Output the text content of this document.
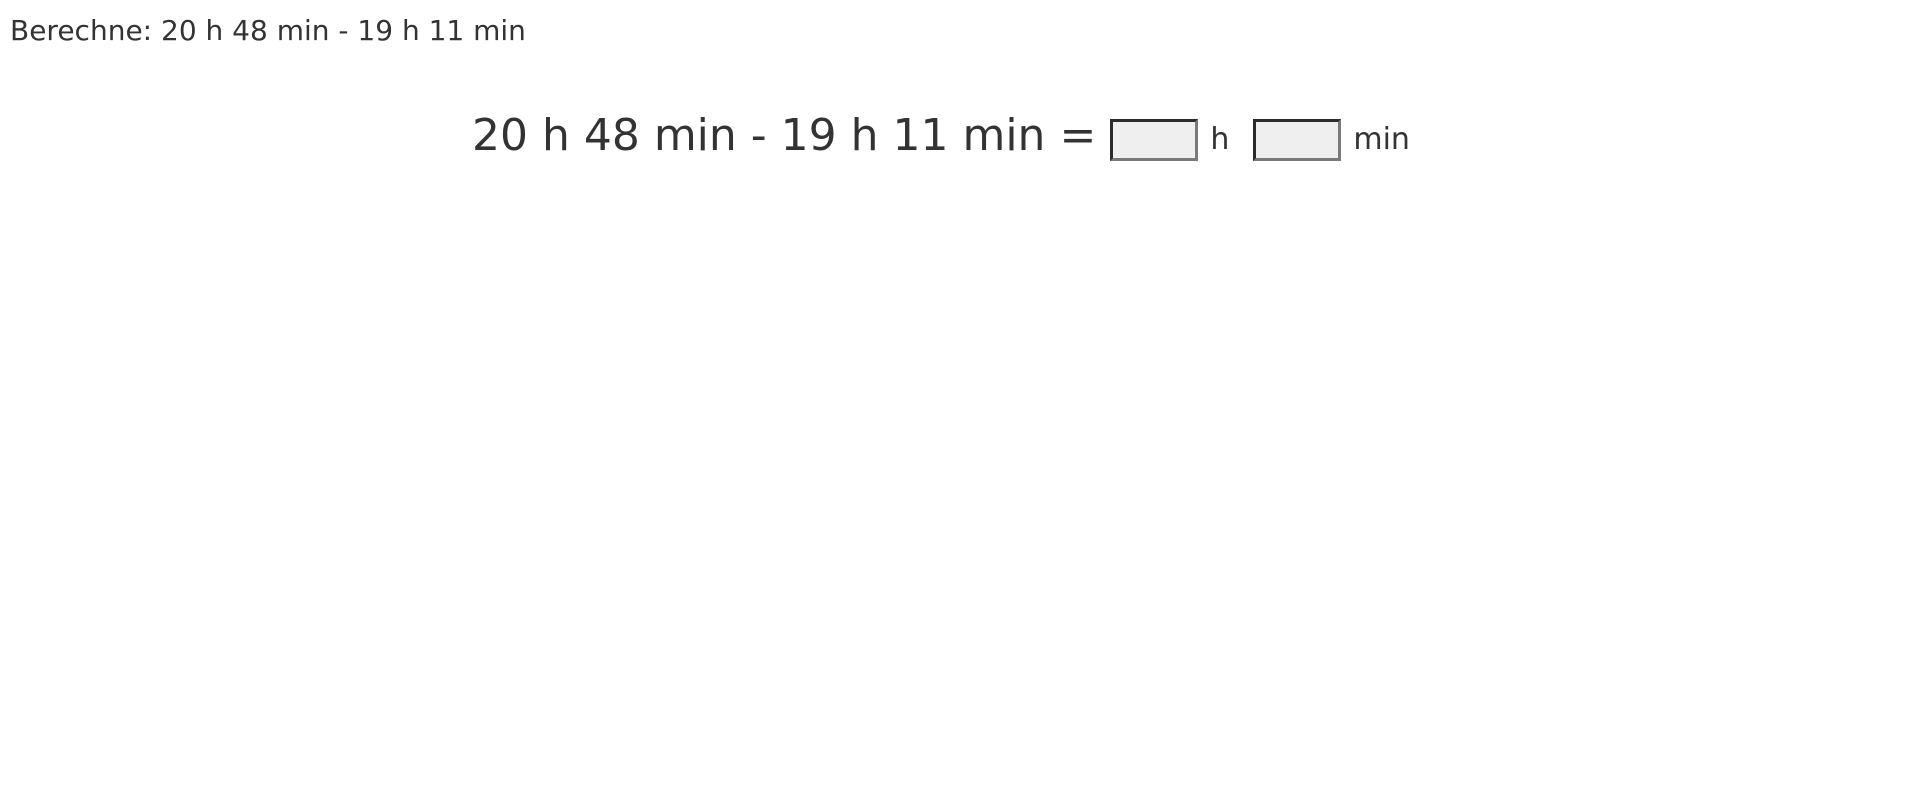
Berechne: 20 h 48 min - 19 h 11 min
20 h 48 min - 19 h 11 min =	h	min
